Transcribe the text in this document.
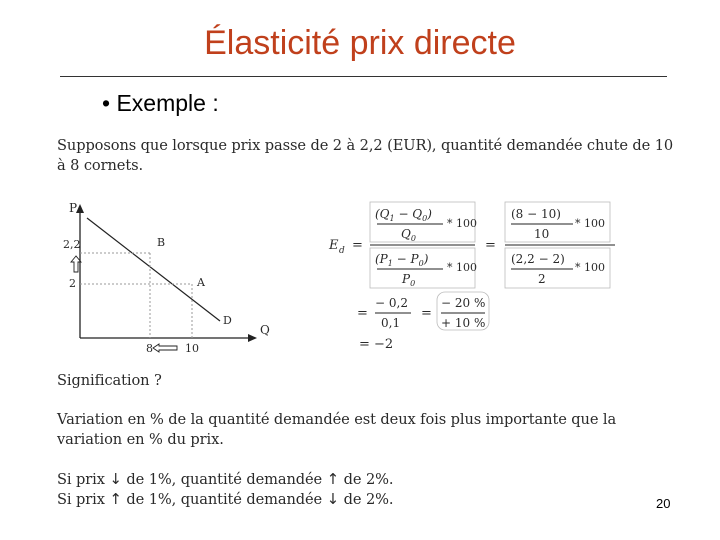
Élasticité prix directe
• Exemple :
Supposons que lorsque prix passe de 2 à 2,2 (EUR), quantité demandée chute de 10 à 8 cornets.
P
Q
2,2
2
8	10
B
A
D
E d =
$(Q_1 - Q_0)$
$Q_0$
* 100
$(P_1 - P_0)$
$P_0$
* 100
=
(8 − 10)
10
* 100
(2,2 − 2)
2
* 100
=
− 0,2
0,1
=
− 20 %
+ 10 %
= −2
Signification ?
Variation en % de la quantité demandée est deux fois plus importante que la variation en % du prix.
Si prix ↓ de 1%, quantité demandée ↑ de 2%.
Si prix ↑ de 1%, quantité demandée ↓ de 2%.	20
